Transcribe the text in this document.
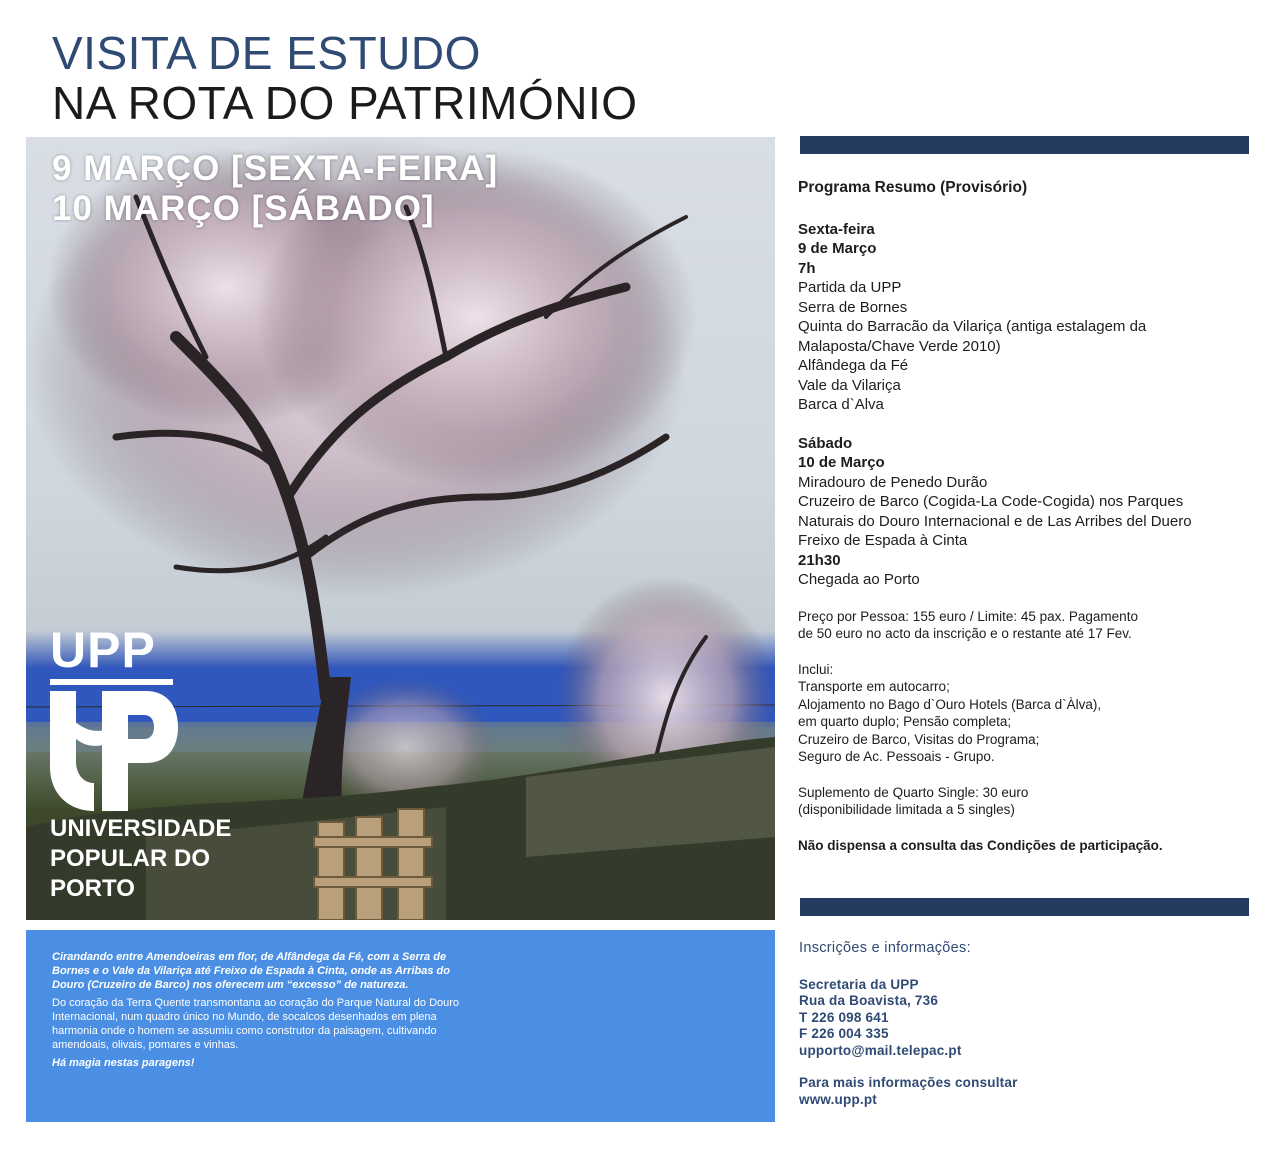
VISITA DE ESTUDO
NA ROTA DO PATRIMÓNIO
9 MARÇO [SEXTA-FEIRA]
10 MARÇO [SÁBADO]
UPP
UNIVERSIDADE
POPULAR DO
PORTO

Cirandando entre Amendoeiras em flor, de Alfândega da Fé, com a Serra de Bornes e o Vale da Vilariça até Freixo de Espada à Cinta, onde as Arribas do Douro (Cruzeiro de Barco) nos oferecem um “excesso” de natureza.

Do coração da Terra Quente transmontana ao coração do Parque Natural do Douro Internacional, num quadro único no Mundo, de socalcos desenhados em plena harmonia onde o homem se assumiu como construtor da paisagem, cultivando amendoais, olivais, pomares e vinhas.

Há magia nestas paragens!

Programa Resumo (Provisório)
Sexta-feira
9 de Março
7h
Partida da UPP
Serra de Bornes
Quinta do Barracão da Vilariça (antiga estalagem da
Malaposta/Chave Verde 2010)
Alfândega da Fé
Vale da Vilariça
Barca d`Alva
Sábado
10 de Março
Miradouro de Penedo Durão
Cruzeiro de Barco (Cogida-La Code-Cogida) nos Parques
Naturais do Douro Internacional e de Las Arribes del Duero
Freixo de Espada à Cinta
21h30
Chegada ao Porto
Preço por Pessoa: 155 euro / Limite: 45 pax. Pagamento
de 50 euro no acto da inscrição e o restante até 17 Fev.
Inclui:
Transporte em autocarro;
Alojamento no Bago d`Ouro Hotels (Barca d`Àlva),
em quarto duplo; Pensão completa;
Cruzeiro de Barco, Visitas do Programa;
Seguro de Ac. Pessoais - Grupo.
Suplemento de Quarto Single: 30 euro
(disponibilidade limitada a 5 singles)
Não dispensa a consulta das Condições de participação.
Inscrições e informações:
Secretaria da UPP
Rua da Boavista, 736
T 226 098 641
F 226 004 335
upporto@mail.telepac.pt
Para mais informações consultar
www.upp.pt
